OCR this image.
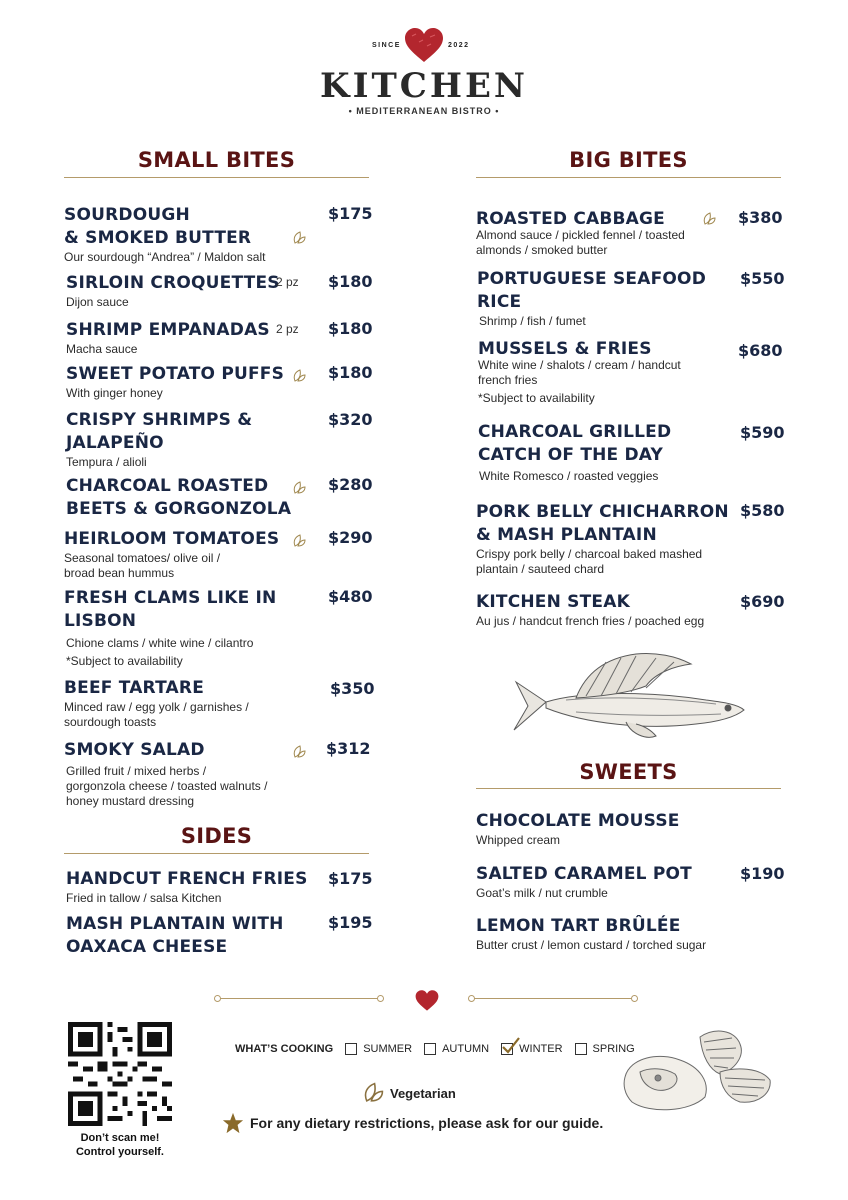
SINCE	2022
KITCHEN
• MEDITERRANEAN BISTRO •
SMALL BITES
SOURDOUGH
& SMOKED BUTTER
Our sourdough “Andrea” / Maldon salt
$175
SIRLOIN CROQUETTES
Dijon sauce
2 pz $180
SHRIMP EMPANADAS
Macha sauce
2 pz $180
SWEET POTATO PUFFS
With ginger honey
$180
CRISPY SHRIMPS &
JALAPEÑO
Tempura / alioli
$320
CHARCOAL ROASTED
BEETS & GORGONZOLA
$280
HEIRLOOM TOMATOES
Seasonal tomatoes/ olive oil /
broad bean hummus
$290
FRESH CLAMS LIKE IN
LISBON
Chione clams / white wine / cilantro
*Subject to availability
$480
BEEF TARTARE
Minced raw / egg yolk / garnishes /
sourdough toasts
$350
SMOKY SALAD
Grilled fruit / mixed herbs /
gorgonzola cheese / toasted walnuts /
honey mustard dressing
$312
SIDES
HANDCUT FRENCH FRIES
Fried in tallow / salsa Kitchen
$175
MASH PLANTAIN WITH
OAXACA CHEESE
$195
BIG BITES
ROASTED CABBAGE
Almond sauce / pickled fennel / toasted
almonds / smoked butter
$380
PORTUGUESE SEAFOOD
RICE
Shrimp / fish / fumet
$550
MUSSELS & FRIES
White wine / shalots / cream / handcut
french fries
*Subject to availability
$680
CHARCOAL GRILLED
CATCH OF THE DAY
White Romesco / roasted veggies
$590
PORK BELLY CHICHARRON
& MASH PLANTAIN
Crispy pork belly / charcoal baked mashed
plantain / sauteed chard
$580
KITCHEN STEAK
Au jus / handcut french fries / poached egg
$690
SWEETS
CHOCOLATE MOUSSE
Whipped cream
SALTED CARAMEL POT
Goat’s milk / nut crumble
$190
LEMON TART BRÛLÉE
Butter crust / lemon custard / torched sugar
Don’t scan me!
Control yourself.
WHAT’S COOKING	SUMMER	AUTUMN	WINTER	SPRING
Vegetarian
For any dietary restrictions, please ask for our guide.
